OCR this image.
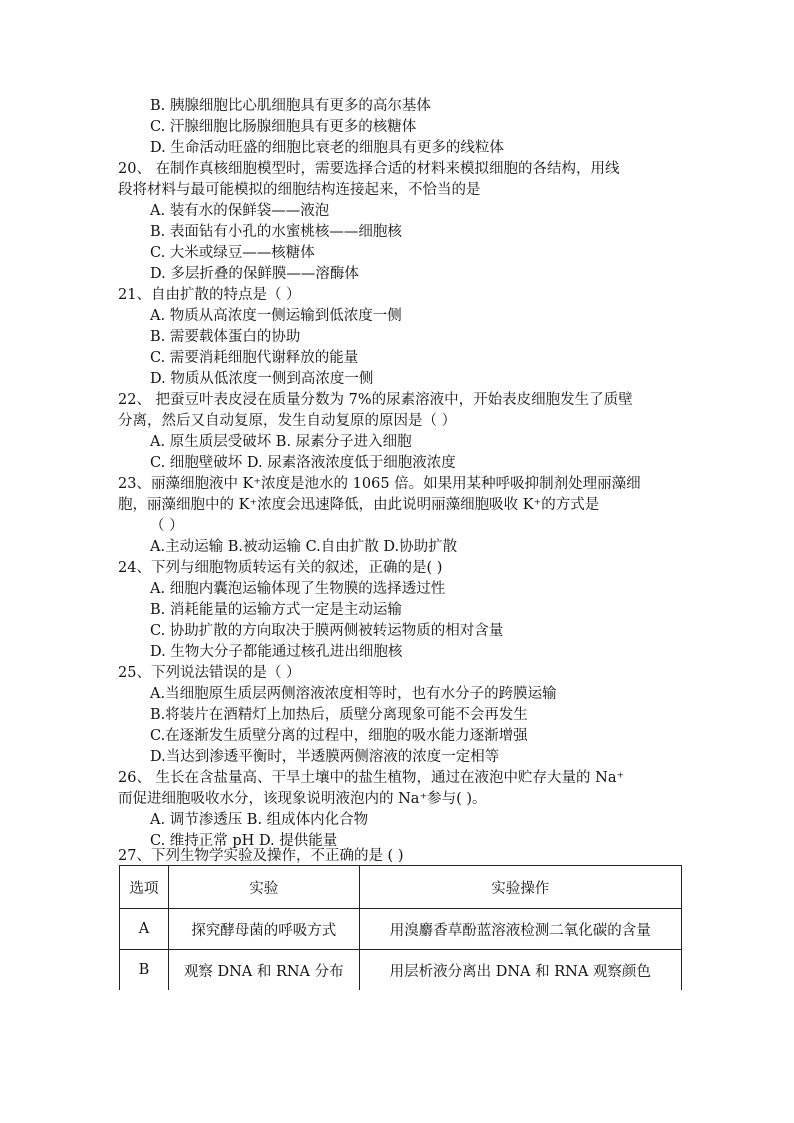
B. 胰腺细胞比心肌细胞具有更多的高尔基体
C. 汗腺细胞比肠腺细胞具有更多的核糖体
D. 生命活动旺盛的细胞比衰老的细胞具有更多的线粒体
20、 在制作真核细胞模型时，需要选择合适的材料来模拟细胞的各结构，用线
段将材料与最可能模拟的细胞结构连接起来，不恰当的是
A. 装有水的保鲜袋——液泡
B. 表面钻有小孔的水蜜桃核——细胞核
C. 大米或绿豆——核糖体
D. 多层折叠的保鲜膜——溶酶体
21、自由扩散的特点是（ ）
A. 物质从高浓度一侧运输到低浓度一侧
B. 需要载体蛋白的协助
C. 需要消耗细胞代谢释放的能量
D. 物质从低浓度一侧到高浓度一侧
22、 把蚕豆叶表皮浸在质量分数为 7%的尿素溶液中，开始表皮细胞发生了质壁
分离，然后又自动复原，发生自动复原的原因是（ ）
A. 原生质层受破坏 B. 尿素分子进入细胞
C. 细胞壁破坏 D. 尿素洛液浓度低于细胞液浓度
23、丽藻细胞液中 K⁺浓度是池水的 1065 倍。如果用某种呼吸抑制剂处理丽藻细
胞，丽藻细胞中的 K⁺浓度会迅速降低，由此说明丽藻细胞吸收 K⁺的方式是
（ ）
A.主动运输 B.被动运输 C.自由扩散 D.协助扩散
24、下列与细胞物质转运有关的叙述，正确的是( )
A. 细胞内囊泡运输体现了生物膜的选择透过性
B. 消耗能量的运输方式一定是主动运输
C. 协助扩散的方向取决于膜两侧被转运物质的相对含量
D. 生物大分子都能通过核孔进出细胞核
25、下列说法错误的是（ ）
A.当细胞原生质层两侧溶液浓度相等时，也有水分子的跨膜运输
B.将装片在酒精灯上加热后，质壁分离现象可能不会再发生
C.在逐渐发生质壁分离的过程中，细胞的吸水能力逐渐增强
D.当达到渗透平衡时，半透膜两侧溶液的浓度一定相等
26、 生长在含盐量高、干旱土壤中的盐生植物，通过在液泡中贮存大量的 Na⁺
而促进细胞吸收水分，该现象说明液泡内的 Na⁺参与( )。
A. 调节渗透压 B. 组成体内化合物
C. 维持正常 pH D. 提供能量
27、下列生物学实验及操作，不正确的是 ( )
选项	实验	实验操作
A	探究酵母菌的呼吸方式	用溴麝香草酚蓝溶液检测二氧化碳的含量
B	观察 DNA 和 RNA 分布	用层析液分离出 DNA 和 RNA 观察颜色
